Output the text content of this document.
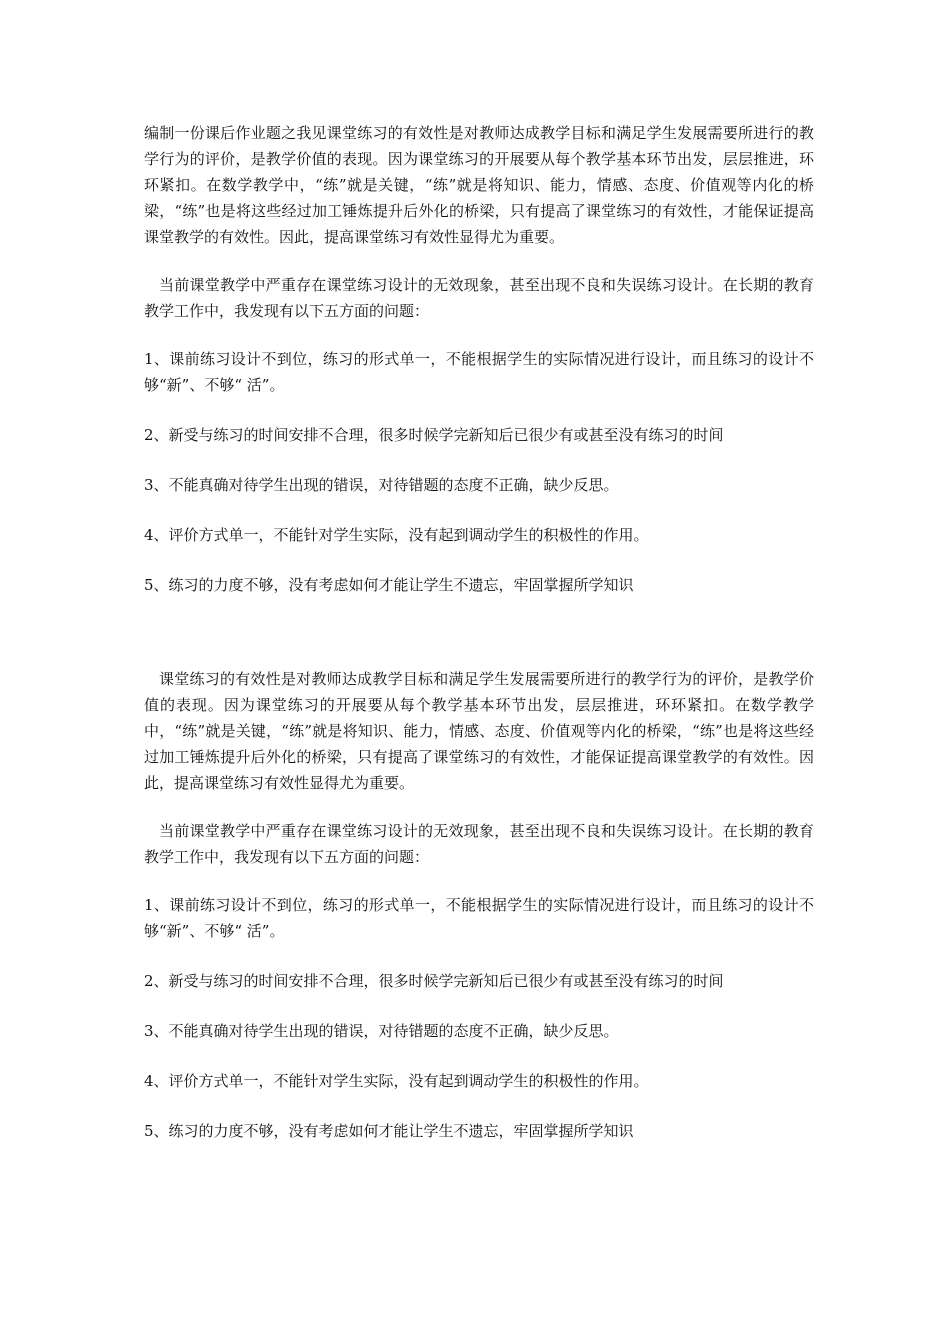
编制一份课后作业题之我见课堂练习的有效性是对教师达成教学目标和满足学生发展需要所进行的教学行为的评价，是教学价值的表现。因为课堂练习的开展要从每个教学基本环节出发，层层推进，环环紧扣。在数学教学中，“练”就是关键，“练”就是将知识、能力，情感、态度、价值观等内化的桥梁，“练”也是将这些经过加工锤炼提升后外化的桥梁，只有提高了课堂练习的有效性，才能保证提高课堂教学的有效性。因此，提高课堂练习有效性显得尤为重要。

当前课堂教学中严重存在课堂练习设计的无效现象，甚至出现不良和失误练习设计。在长期的教育教学工作中，我发现有以下五方面的问题：

1、课前练习设计不到位，练习的形式单一，不能根据学生的实际情况进行设计，而且练习的设计不够“新”、不够“ 活”。

2、新受与练习的时间安排不合理，很多时候学完新知后已很少有或甚至没有练习的时间

3、不能真确对待学生出现的错误，对待错题的态度不正确，缺少反思。

4、评价方式单一，不能针对学生实际，没有起到调动学生的积极性的作用。

5、练习的力度不够，没有考虑如何才能让学生不遗忘，牢固掌握所学知识

课堂练习的有效性是对教师达成教学目标和满足学生发展需要所进行的教学行为的评价，是教学价值的表现。因为课堂练习的开展要从每个教学基本环节出发，层层推进，环环紧扣。在数学教学中，“练”就是关键，“练”就是将知识、能力，情感、态度、价值观等内化的桥梁，“练”也是将这些经过加工锤炼提升后外化的桥梁，只有提高了课堂练习的有效性，才能保证提高课堂教学的有效性。因此，提高课堂练习有效性显得尤为重要。

当前课堂教学中严重存在课堂练习设计的无效现象，甚至出现不良和失误练习设计。在长期的教育教学工作中，我发现有以下五方面的问题：

1、课前练习设计不到位，练习的形式单一，不能根据学生的实际情况进行设计，而且练习的设计不够“新”、不够“ 活”。

2、新受与练习的时间安排不合理，很多时候学完新知后已很少有或甚至没有练习的时间

3、不能真确对待学生出现的错误，对待错题的态度不正确，缺少反思。

4、评价方式单一，不能针对学生实际，没有起到调动学生的积极性的作用。

5、练习的力度不够，没有考虑如何才能让学生不遗忘，牢固掌握所学知识
